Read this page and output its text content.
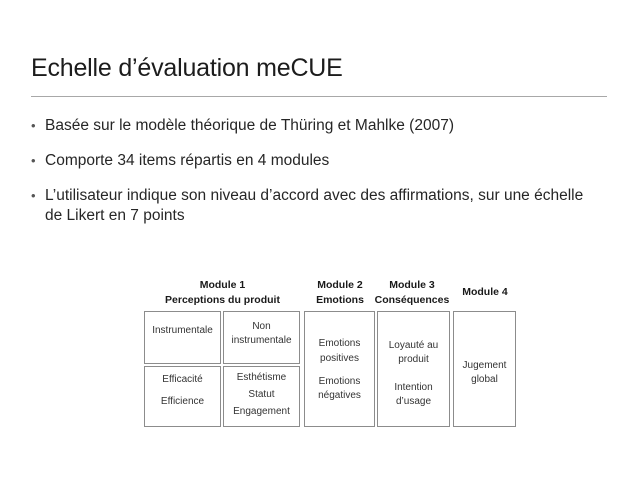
Echelle d’évaluation meCUE
• Basée sur le modèle théorique de Thüring et Mahlke (2007)
• Comporte 34 items répartis en 4 modules
• L’utilisateur indique son niveau d’accord avec des affirmations, sur une échelle de Likert en 7 points
Module 1
Perceptions du produit
Module 2
Emotions
Module 3
Conséquences
Module 4
Instrumentale	Non
instrumentale
Efficacité
Efficience
Esthétisme
Statut
Engagement
Emotions
positives
Emotions
négatives
Loyauté au
produit
Intention
d’usage
Jugement
global
